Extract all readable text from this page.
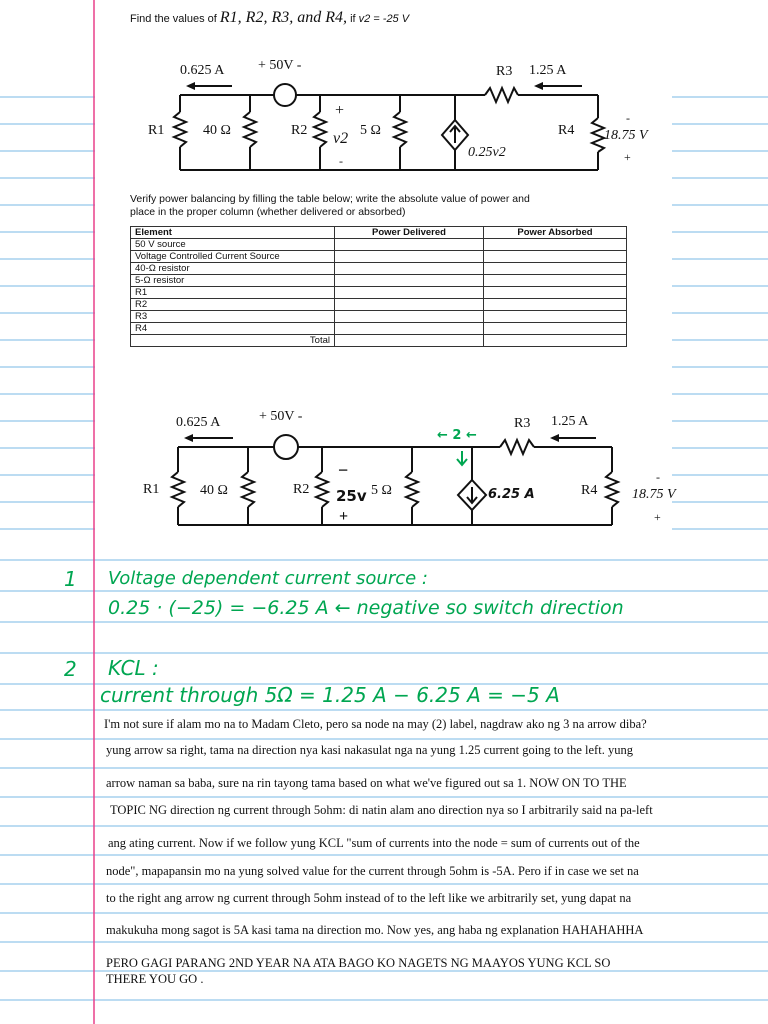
Find the values of R1, R2, R3, and R4, if v2 = -25 V
0.625 A + 50V -
R1	40 Ω	R2
+
v2
-
5 Ω
R3 1.25 A
0.25v2
R4
-
18.75 V
+
Verify power balancing by filling the table below; write the absolute value of power and
place in the proper column (whether delivered or absorbed)
Element	Power Delivered	Power Absorbed
50 V source		
Voltage Controlled Current Source		
40-Ω resistor		
5-Ω resistor		
R1		
R2		
R3		
R4		
Total		
0.625 A	+ 50V -
R1	40 Ω	R2
−
25v
+
5 Ω
R3 1.25 A
← 2 ←
6.25 A	R4
-
18.75 V
+
1 Voltage dependent current source :
0.25 · (−25) = −6.25 A ← negative so switch direction
2 KCL :
current through 5Ω = 1.25 A − 6.25 A = −5 A
I'm not sure if alam mo na to Madam Cleto, pero sa node na may (2) label, nagdraw ako ng 3 na arrow diba?
yung arrow sa right, tama na direction nya kasi nakasulat nga na yung 1.25 current going to the left. yung
arrow naman sa baba, sure na rin tayong tama based on what we've figured out sa 1. NOW ON TO THE
TOPIC NG direction ng current through 5ohm: di natin alam ano direction nya so I arbitrarily said na pa-left
ang ating current. Now if we follow yung KCL "sum of currents into the node = sum of currents out of the
node", mapapansin mo na yung solved value for the current through 5ohm is -5A. Pero if in case we set na
to the right ang arrow ng current through 5ohm instead of to the left like we arbitrarily set, yung dapat na
makukuha mong sagot is 5A kasi tama na direction mo. Now yes, ang haba ng explanation HAHAHAHHA
PERO GAGI PARANG 2ND YEAR NA ATA BAGO KO NAGETS NG MAAYOS YUNG KCL SO
THERE YOU GO .
